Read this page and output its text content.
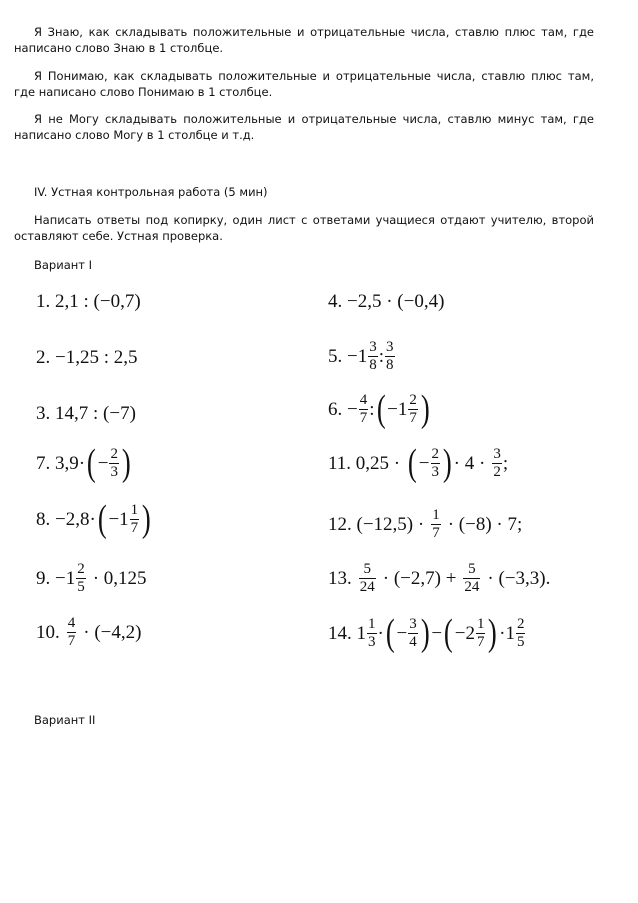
Я Знаю, как складывать положительные и отрицательные числа, ставлю плюс там, где написано слово Знаю в 1 столбце.

Я Понимаю, как складывать положительные и отрицательные числа, ставлю плюс там, где написано слово Понимаю в 1 столбце.

Я не Могу складывать положительные и отрицательные числа, ставлю минус там, где написано слово Могу в 1 столбце и т.д.

IV. Устная контрольная работа (5 мин)

Написать ответы под копирку, один лист с ответами учащиеся отдают учителю, второй оставляют себе. Устная проверка.

Вариант I

1. 2,1 : (−0,7)
2. −1,25 : 2,5
3. 14,7 : (−7)
7. 3,9· ( − $\frac{2}{3}$ )
8. −2,8· ( − $1 \frac{1}{7}$ )
9. $-1 \frac{2}{5} \cdot 0,125$
10. $\frac{4}{7} \cdot (-4,2)$
4. −2,5 · (−0,4)
5. $-1 \frac{3}{8}$ : $\frac{3}{8}$
6. − $\frac{4}{7}$ : ( − $1 \frac{2}{7}$ )
11. 0,25 · ( − $\frac{2}{3}$ ) · $4 \cdot \frac{3}{2}$ ;
12. $(-12,5) \cdot \frac{1}{7} \cdot (-8) \cdot 7$;
13. $\frac{5}{24} \cdot (-2,7) + \frac{5}{24} \cdot (-3,3)$.
14. $1 \frac{1}{3}$ · ( − $\frac{3}{4}$ ) − ( − $2 \frac{1}{7}$ ) · $1 \frac{2}{5}$

Вариант II
